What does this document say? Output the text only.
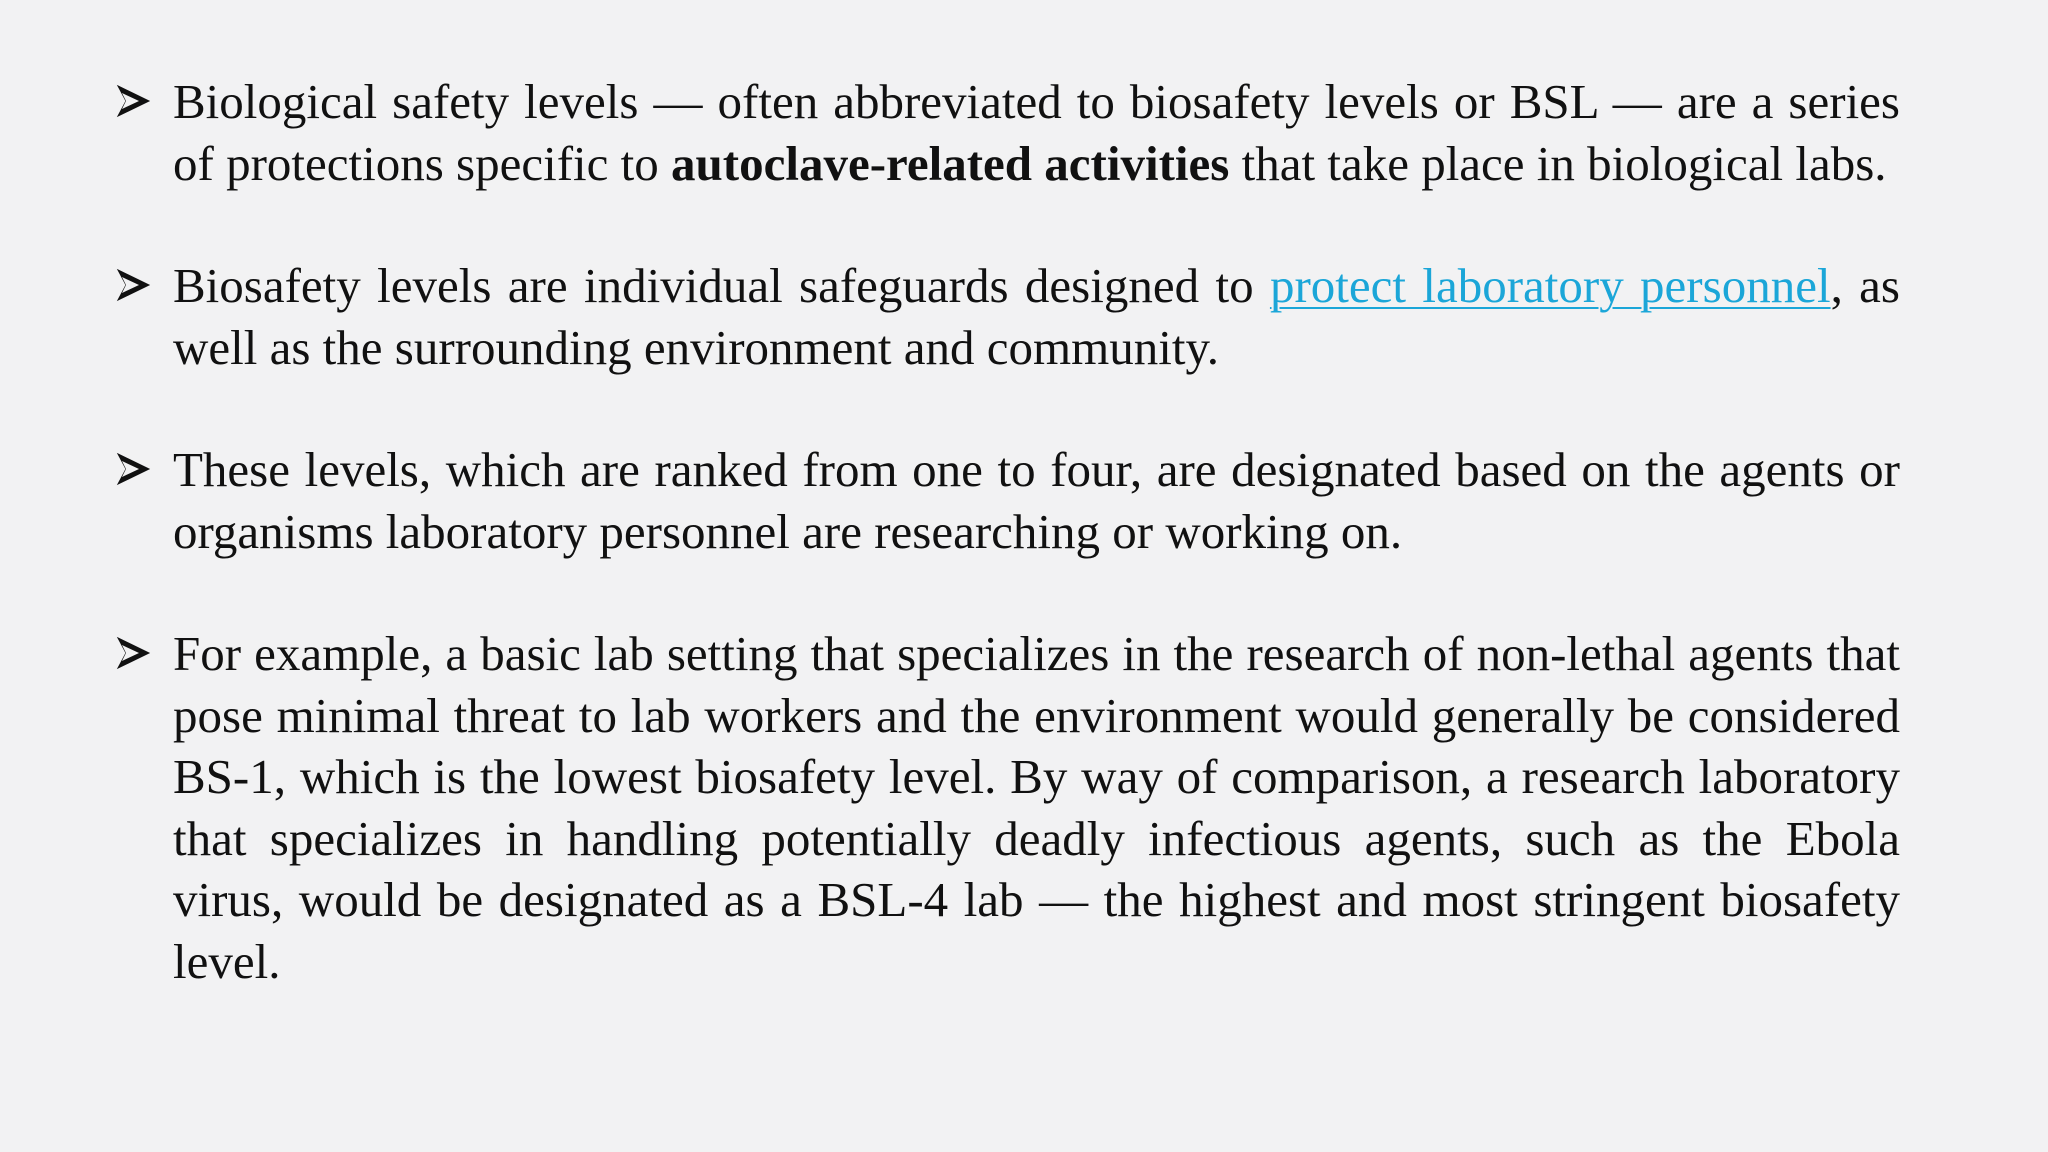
Biological safety levels — often abbreviated to biosafety levels or BSL — are a series of protections specific to autoclave-related activities that take place in biological labs.
Biosafety levels are individual safeguards designed to protect laboratory personnel, as well as the surrounding environment and community.
These levels, which are ranked from one to four, are designated based on the agents or organisms laboratory personnel are researching or working on.
For example, a basic lab setting that specializes in the research of non-lethal agents that pose minimal threat to lab workers and the environment would generally be considered BS-1, which is the lowest biosafety level. By way of comparison, a research laboratory that specializes in handling potentially deadly infectious agents, such as the Ebola virus, would be designated as a BSL-4 lab — the highest and most stringent biosafety level.
